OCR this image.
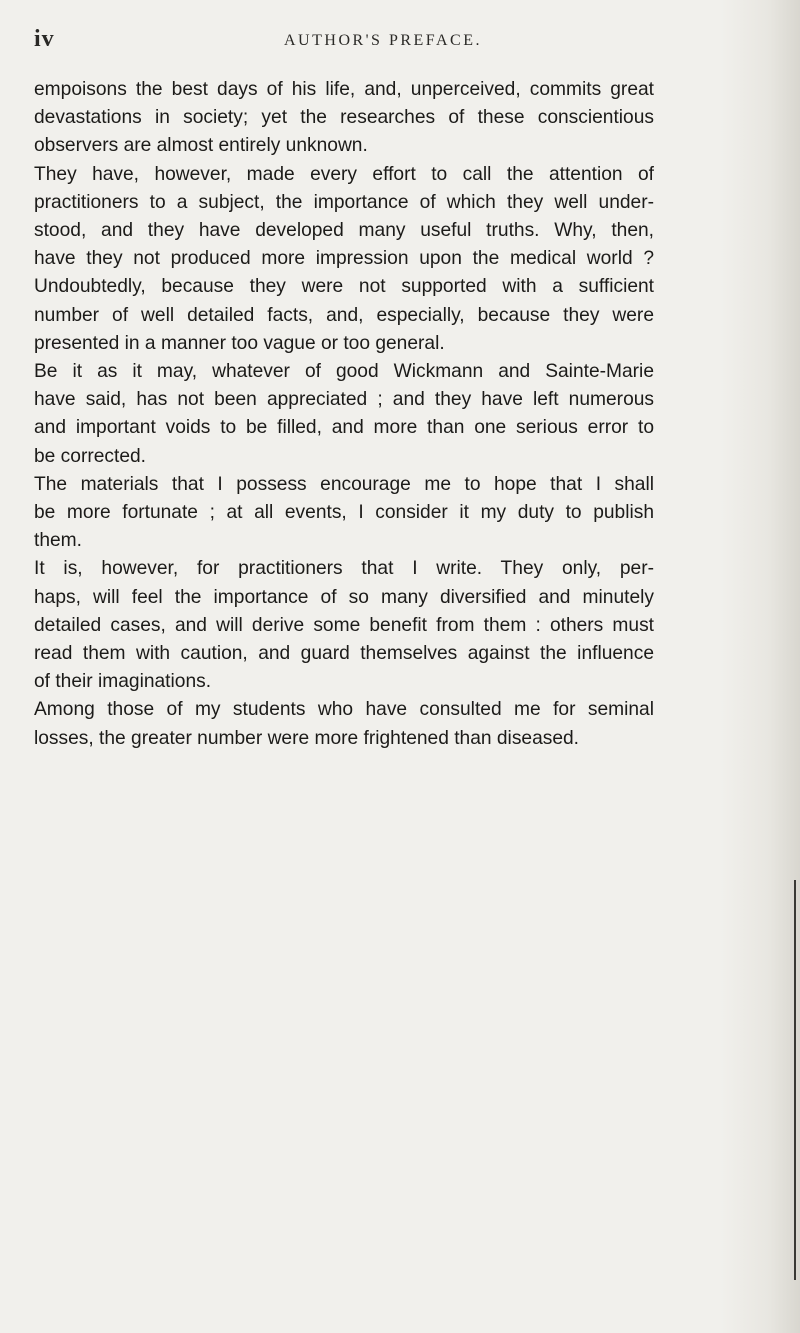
iv	AUTHOR'S PREFACE.

empoisons the best days of his life, and, unperceived, commits great
devastations in society; yet the researches of these conscientious
observers are almost entirely unknown.

They have, however, made every effort to call the attention of
practitioners to a subject, the importance of which they well under-
stood, and they have developed many useful truths. Why, then,
have they not produced more impression upon the medical world ?
Undoubtedly, because they were not supported with a sufficient
number of well detailed facts, and, especially, because they were
presented in a manner too vague or too general.

Be it as it may, whatever of good Wickmann and Sainte-Marie
have said, has not been appreciated ; and they have left numerous
and important voids to be filled, and more than one serious error to
be corrected.

The materials that I possess encourage me to hope that I shall
be more fortunate ; at all events, I consider it my duty to publish
them.

It is, however, for practitioners that I write. They only, per-
haps, will feel the importance of so many diversified and minutely
detailed cases, and will derive some benefit from them : others must
read them with caution, and guard themselves against the influence
of their imaginations.

Among those of my students who have consulted me for seminal
losses, the greater number were more frightened than diseased.
